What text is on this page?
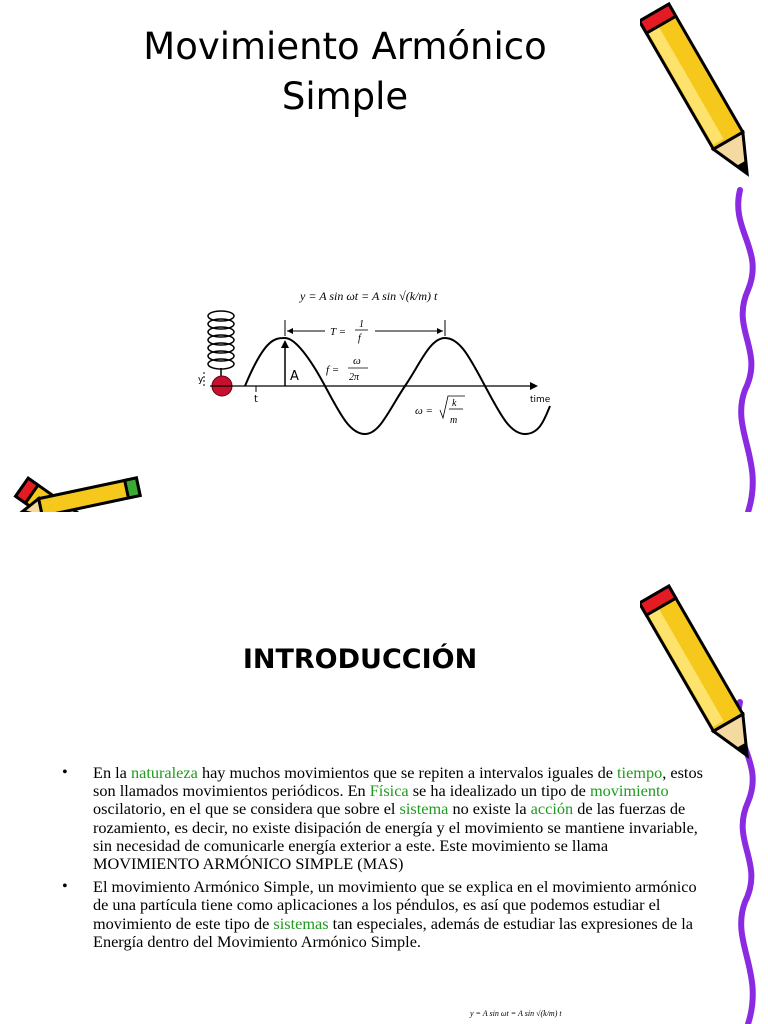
Movimiento Armónico
Simple
y
t
A
time
y = A sin ωt = A sin √(k/m) t
T =
1
f
f =
ω
2π
ω =
k
m
INTRODUCCIÓN
• En la naturaleza hay muchos movimientos que se repiten a intervalos iguales de tiempo, estos son llamados movimientos periódicos. En Física se ha idealizado un tipo de movimiento oscilatorio, en el que se considera que sobre el sistema no existe la acción de las fuerzas de rozamiento, es decir, no existe disipación de energía y el movimiento se mantiene invariable, sin necesidad de comunicarle energía exterior a este. Este movimiento se llama MOVIMIENTO ARMÓNICO SIMPLE (MAS)
• El movimiento Armónico Simple, un movimiento que se explica en el movimiento armónico de una partícula tiene como aplicaciones a los péndulos, es así que podemos estudiar el movimiento de este tipo de sistemas tan especiales, además de estudiar las expresiones de la Energía dentro del Movimiento Armónico Simple.
y = A sin ωt = A sin √(k/m) t
